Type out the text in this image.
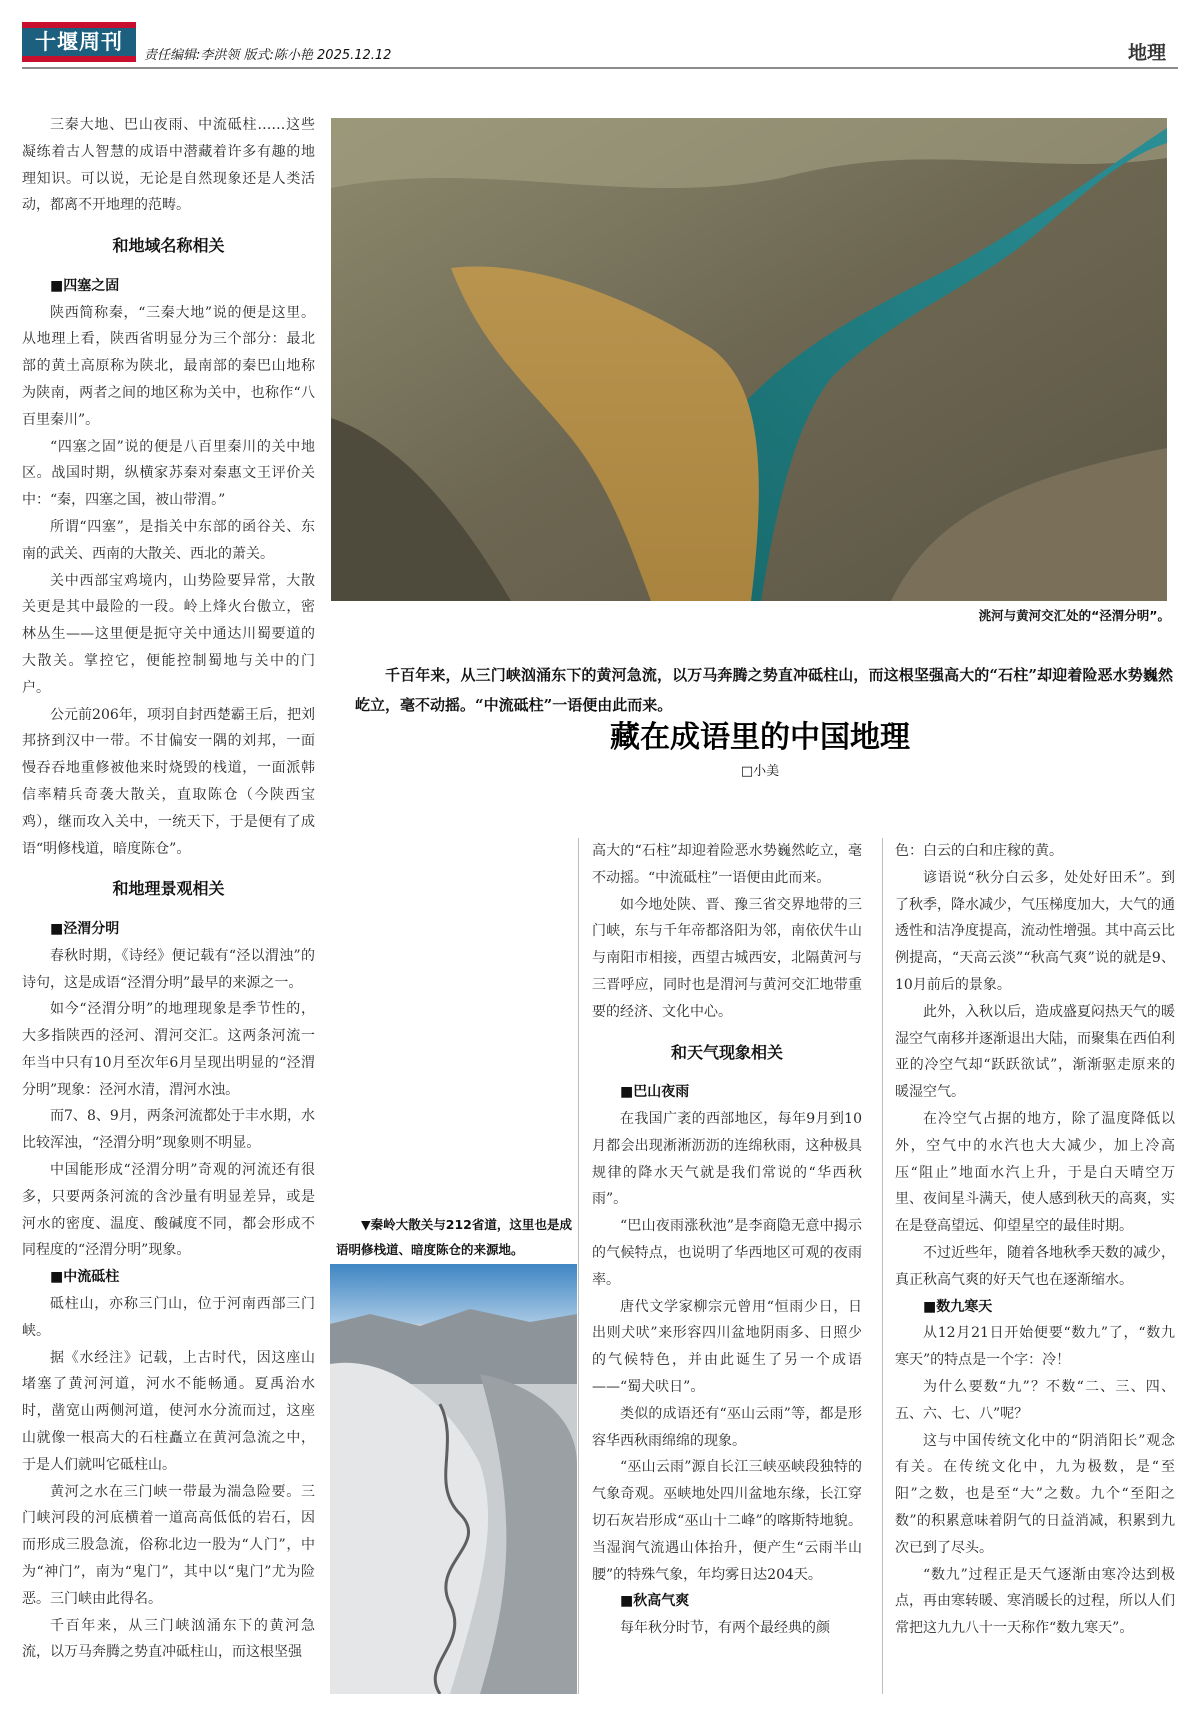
十堰周刊
责任编辑:李洪领 版式:陈小艳 2025.12.12	地理

三秦大地、巴山夜雨、中流砥柱……这些凝练着古人智慧的成语中潜藏着许多有趣的地理知识。可以说，无论是自然现象还是人类活动，都离不开地理的范畴。

和地域名称相关
■四塞之固

陕西简称秦，“三秦大地”说的便是这里。从地理上看，陕西省明显分为三个部分：最北部的黄土高原称为陕北，最南部的秦巴山地称为陕南，两者之间的地区称为关中，也称作“八百里秦川”。

“四塞之固”说的便是八百里秦川的关中地区。战国时期，纵横家苏秦对秦惠文王评价关中：“秦，四塞之国，被山带渭。”

所谓“四塞”，是指关中东部的函谷关、东南的武关、西南的大散关、西北的萧关。

关中西部宝鸡境内，山势险要异常，大散关更是其中最险的一段。岭上烽火台傲立，密林丛生——这里便是扼守关中通达川蜀要道的大散关。掌控它，便能控制蜀地与关中的门户。

公元前206年，项羽自封西楚霸王后，把刘邦挤到汉中一带。不甘偏安一隅的刘邦，一面慢吞吞地重修被他来时烧毁的栈道，一面派韩信率精兵奇袭大散关，直取陈仓（今陕西宝鸡），继而攻入关中，一统天下，于是便有了成语“明修栈道，暗度陈仓”。

和地理景观相关
■泾渭分明

春秋时期，《诗经》便记载有“泾以渭浊”的诗句，这是成语“泾渭分明”最早的来源之一。

如今“泾渭分明”的地理现象是季节性的，大多指陕西的泾河、渭河交汇。这两条河流一年当中只有10月至次年6月呈现出明显的“泾渭分明”现象：泾河水清，渭河水浊。

而7、8、9月，两条河流都处于丰水期，水比较浑浊，“泾渭分明”现象则不明显。

中国能形成“泾渭分明”奇观的河流还有很多，只要两条河流的含沙量有明显差异，或是河水的密度、温度、酸碱度不同，都会形成不同程度的“泾渭分明”现象。

■中流砥柱

砥柱山，亦称三门山，位于河南西部三门峡。

据《水经注》记载，上古时代，因这座山堵塞了黄河河道，河水不能畅通。夏禹治水时，凿宽山两侧河道，使河水分流而过，这座山就像一根高大的石柱矗立在黄河急流之中，于是人们就叫它砥柱山。

黄河之水在三门峡一带最为湍急险要。三门峡河段的河底横着一道高高低低的岩石，因而形成三股急流，俗称北边一股为“人门”，中为“神门”，南为“鬼门”，其中以“鬼门”尤为险恶。三门峡由此得名。

千百年来，从三门峡汹涌东下的黄河急流，以万马奔腾之势直冲砥柱山，而这根坚强

洮河与黄河交汇处的“泾渭分明”。
千百年来，从三门峡汹涌东下的黄河急流，以万马奔腾之势直冲砥柱山，而这根坚强高大的“石柱”却迎着险恶水势巍然屹立，毫不动摇。“中流砥柱”一语便由此而来。
藏在成语里的中国地理
□小美
▼秦岭大散关与212省道，这里也是成语明修栈道、暗度陈仓的来源地。

高大的“石柱”却迎着险恶水势巍然屹立，毫不动摇。“中流砥柱”一语便由此而来。

如今地处陕、晋、豫三省交界地带的三门峡，东与千年帝都洛阳为邻，南依伏牛山与南阳市相接，西望古城西安，北隔黄河与三晋呼应，同时也是渭河与黄河交汇地带重要的经济、文化中心。

和天气现象相关
■巴山夜雨

在我国广袤的西部地区，每年9月到10月都会出现淅淅沥沥的连绵秋雨，这种极具规律的降水天气就是我们常说的“华西秋雨”。

“巴山夜雨涨秋池”是李商隐无意中揭示的气候特点，也说明了华西地区可观的夜雨率。

唐代文学家柳宗元曾用“恒雨少日，日出则犬吠”来形容四川盆地阴雨多、日照少的气候特色，并由此诞生了另一个成语——“蜀犬吠日”。

类似的成语还有“巫山云雨”等，都是形容华西秋雨绵绵的现象。

“巫山云雨”源自长江三峡巫峡段独特的气象奇观。巫峡地处四川盆地东缘，长江穿切石灰岩形成“巫山十二峰”的喀斯特地貌。当湿润气流遇山体抬升，便产生“云雨半山腰”的特殊气象，年均雾日达204天。

■秋高气爽

每年秋分时节，有两个最经典的颜

色：白云的白和庄稼的黄。

谚语说“秋分白云多，处处好田禾”。到了秋季，降水减少，气压梯度加大，大气的通透性和洁净度提高，流动性增强。其中高云比例提高，“天高云淡”“秋高气爽”说的就是9、10月前后的景象。

此外，入秋以后，造成盛夏闷热天气的暖湿空气南移并逐渐退出大陆，而聚集在西伯利亚的冷空气却“跃跃欲试”，渐渐驱走原来的暖湿空气。

在冷空气占据的地方，除了温度降低以外，空气中的水汽也大大减少，加上冷高压“阻止”地面水汽上升，于是白天晴空万里、夜间星斗满天，使人感到秋天的高爽，实在是登高望远、仰望星空的最佳时期。

不过近些年，随着各地秋季天数的减少，真正秋高气爽的好天气也在逐渐缩水。

■数九寒天

从12月21日开始便要“数九”了，“数九寒天”的特点是一个字：冷！

为什么要数“九”？不数“二、三、四、五、六、七、八”呢？

这与中国传统文化中的“阴消阳长”观念有关。在传统文化中，九为极数，是“至阳”之数，也是至“大”之数。九个“至阳之数”的积累意味着阴气的日益消减，积累到九次已到了尽头。

“数九”过程正是天气逐渐由寒冷达到极点，再由寒转暖、寒消暖长的过程，所以人们常把这九九八十一天称作“数九寒天”。
